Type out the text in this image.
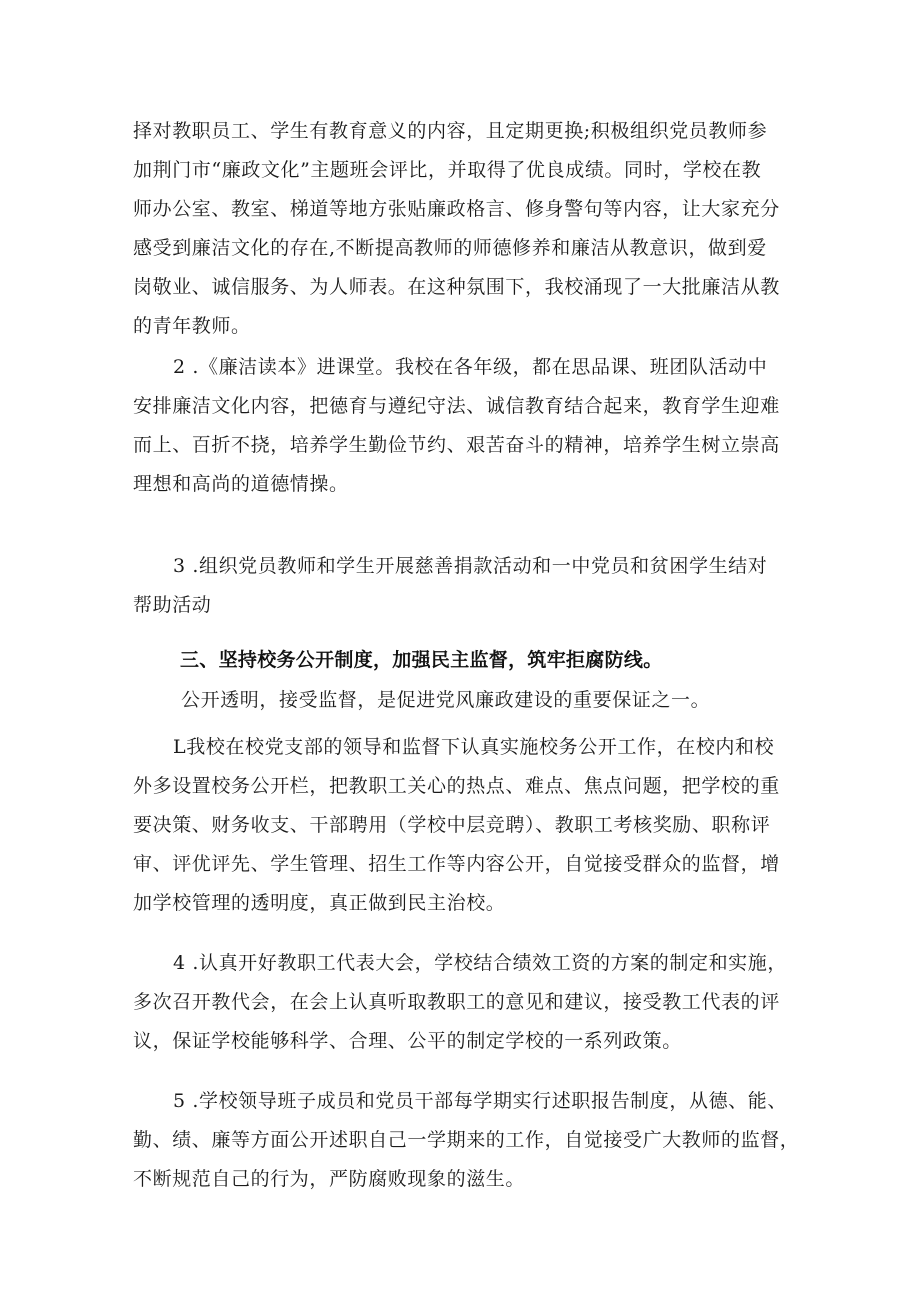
择对教职员工、学生有教育意义的内容，且定期更换;积极组织党员教师参
加荆门市“廉政文化”主题班会评比，并取得了优良成绩。同时，学校在教
师办公室、教室、梯道等地方张贴廉政格言、修身警句等内容，让大家充分
感受到廉洁文化的存在,不断提高教师的师德修养和廉洁从教意识，做到爱
岗敬业、诚信服务、为人师表。在这种氛围下，我校涌现了一大批廉洁从教
的青年教师。
2 .《廉洁读本》进课堂。我校在各年级，都在思品课、班团队活动中
安排廉洁文化内容，把德育与遵纪守法、诚信教育结合起来，教育学生迎难
而上、百折不挠，培养学生勤俭节约、艰苦奋斗的精神，培养学生树立崇高
理想和高尚的道德情操。
3 .组织党员教师和学生开展慈善捐款活动和一中党员和贫困学生结对
帮助活动
三、坚持校务公开制度，加强民主监督，筑牢拒腐防线。
公开透明，接受监督，是促进党风廉政建设的重要保证之一。
L我校在校党支部的领导和监督下认真实施校务公开工作，在校内和校
外多设置校务公开栏，把教职工关心的热点、难点、焦点问题，把学校的重
要决策、财务收支、干部聘用（学校中层竞聘）、教职工考核奖励、职称评
审、评优评先、学生管理、招生工作等内容公开，自觉接受群众的监督，增
加学校管理的透明度，真正做到民主治校。
4 .认真开好教职工代表大会，学校结合绩效工资的方案的制定和实施，
多次召开教代会，在会上认真听取教职工的意见和建议，接受教工代表的评
议，保证学校能够科学、合理、公平的制定学校的一系列政策。
5 .学校领导班子成员和党员干部每学期实行述职报告制度，从德、能、
勤、绩、廉等方面公开述职自己一学期来的工作，自觉接受广大教师的监督，
不断规范自己的行为，严防腐败现象的滋生。
